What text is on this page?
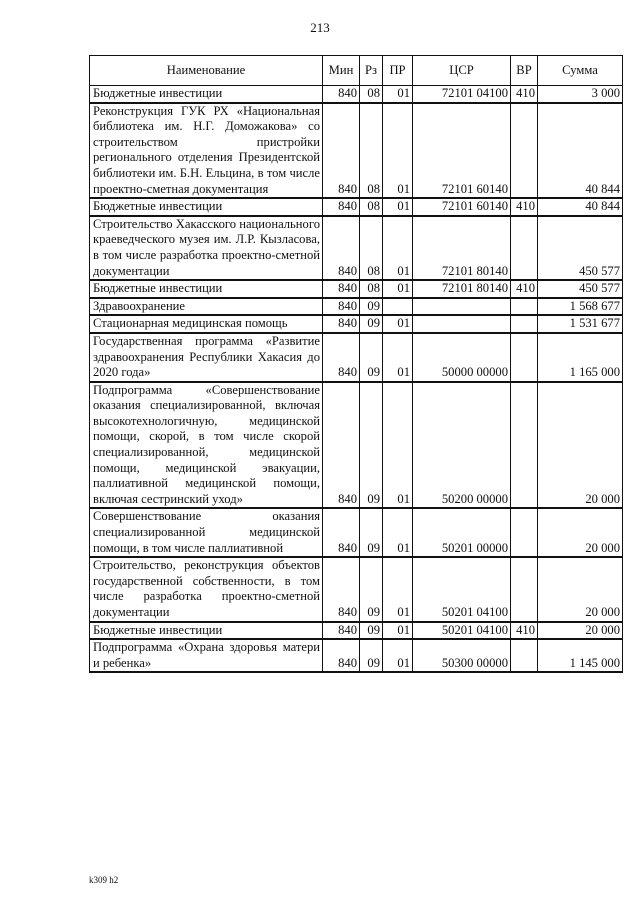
213
Наименование	Мин	Рз	ПР	ЦСР	ВР	Сумма
Бюджетные инвестиции	840	08	01	72101 04100	410	3 000
Реконструкция ГУК РХ «Национальная библиотека им. Н.Г. Доможакова» со строительством пристройки регионального отделения Президентской библиотеки им. Б.Н. Ельцина, в том числе проектно-сметная документация	840	08	01	72101 60140		40 844
Бюджетные инвестиции	840	08	01	72101 60140	410	40 844
Строительство Хакасского национального краеведческого музея им. Л.Р. Кызласова, в том числе разработка проектно-сметной документации	840	08	01	72101 80140		450 577
Бюджетные инвестиции	840	08	01	72101 80140	410	450 577
Здравоохранение	840	09				1 568 677
Стационарная медицинская помощь	840	09	01			1 531 677
Государственная программа «Развитие здравоохранения Республики Хакасия до 2020 года»	840	09	01	50000 00000		1 165 000
Подпрограмма «Совершенствование оказания специализированной, включая высокотехнологичную, медицинской помощи, скорой, в том числе скорой специализированной, медицинской помощи, медицинской эвакуации, паллиативной медицинской помощи, включая сестринский уход»	840	09	01	50200 00000		20 000
Совершенствование оказания специализированной медицинской помощи, в том числе паллиативной	840	09	01	50201 00000		20 000
Строительство, реконструкция объектов государственной собственности, в том числе разработка проектно-сметной документации	840	09	01	50201 04100		20 000
Бюджетные инвестиции	840	09	01	50201 04100	410	20 000
Подпрограмма «Охрана здоровья матери и ребенка»	840	09	01	50300 00000		1 145 000
k309 h2
